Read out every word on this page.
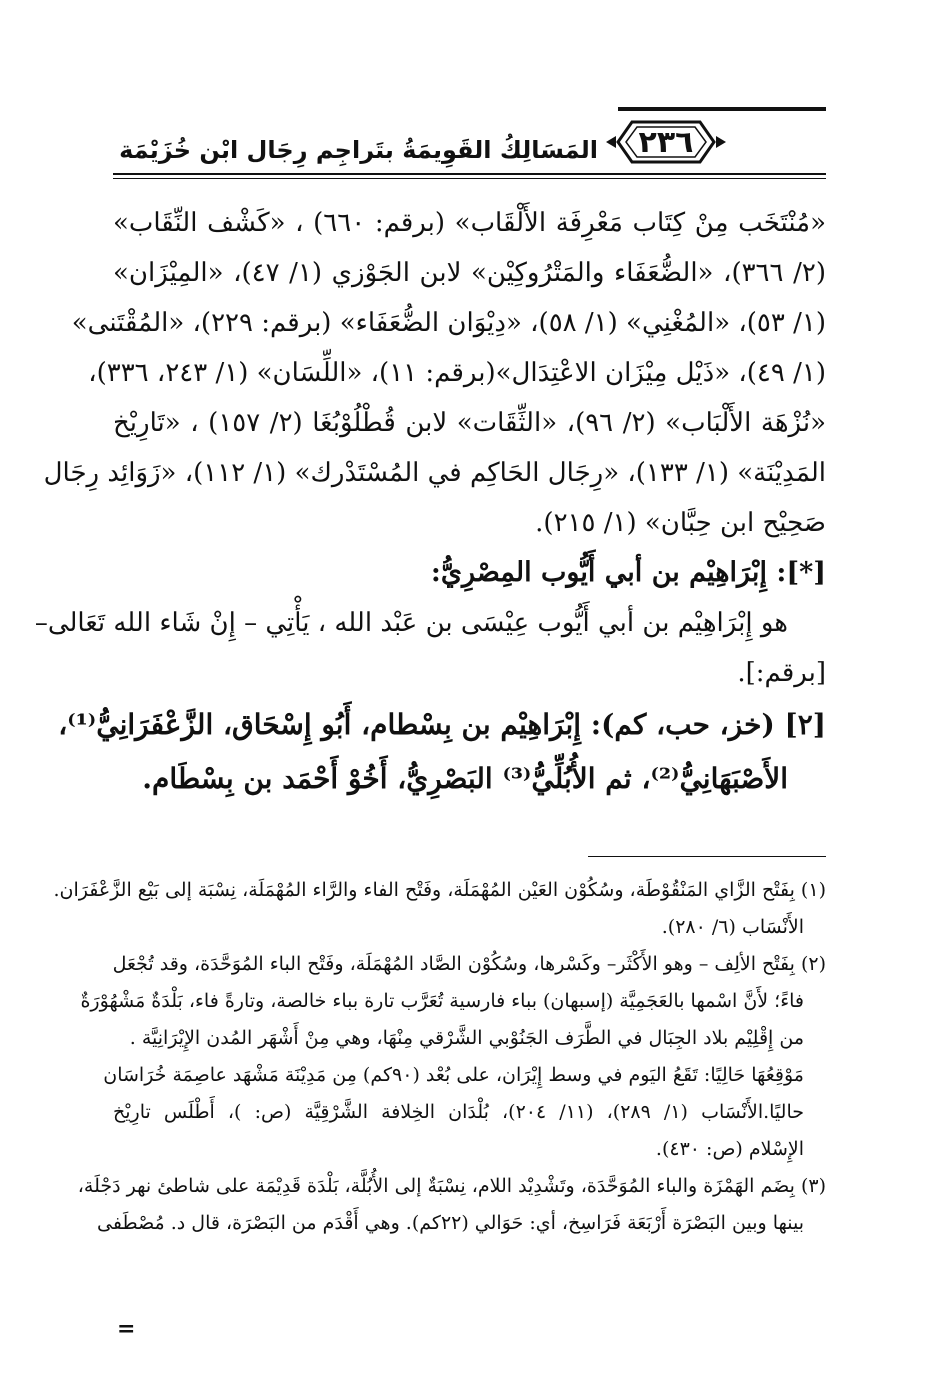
٢٣٦
المَسَالِكُ القَوِيمَةُ بتَراجِم رِجَال ابْن خُزَيْمَة
«مُنْتَخَب مِنْ كِتَاب مَعْرِفَة الأَلْقَاب» (برقم: ٦٦٠) ، «كَشْف النِّقَاب»
(٢/ ٣٦٦)، «الضُّعَفَاء والمَتْرُوكِيْن» لابن الجَوْزي (١/ ٤٧)، «المِيْزَان»
(١/ ٥٣)، «المُغْنِي» (١/ ٥٨)، «دِيْوَان الضُّعَفَاء» (برقم: ٢٢٩)، «المُقْتَنى»
(١/ ٤٩)، «ذَيْل مِيْزَان الاعْتِدَال»(برقم: ١١)، «اللِّسَان» (١/ ٢٤٣، ٣٣٦)،
«نُزْهَة الأَلْبَاب» (٢/ ٩٦)، «الثِّقَات» لابن قُطْلُوْبُغَا (٢/ ١٥٧) ، «تَارِيْخ
المَدِيْنَة» (١/ ١٣٣)، «رِجَال الحَاكِم في المُسْتَدْرك» (١/ ١١٢)، «زَوَائِد رِجَال
صَحِيْح ابن حِبَّان» (١/ ٢١٥).
[*]: إِبْرَاهِيْم بن أبي أَيُّوب المِصْرِيُّ:
هو إِبْرَاهِيْم بن أبي أَيُّوب عِيْسَى بن عَبْد الله ، يَأْتِي – إِنْ شَاء الله تَعَالى–
[برقم:].
[٢] (خز، حب، كم): إِبْرَاهِيْم بن بِسْطام، أَبُو إِسْحَاق، الزَّعْفَرَانِيُّ⁽¹⁾،
الأَصْبَهَانِيُّ⁽²⁾، ثم الأُبُلِّيُّ⁽³⁾ البَصْرِيُّ، أَخُوْ أَحْمَد بن بِسْطَام.
(١) بِفَتْح الزَّاي المَنْقُوْطَة، وسُكُوْن العَيْن المُهْمَلَة، وفَتْح الفاء والرَّاء المُهْمَلَة، نِسْبَة إلى بَيْع الزَّعْفَرَان.
الأَنْسَاب (٦/ ٢٨٠).
(٢) بِفَتْح الألِف – وهو الأَكْثَر– وكَسْرها، وسُكُوْن الصَّاد المُهْمَلَة، وفَتْح الباء المُوَحَّدَة، وقد تُجْعَل
فاءً؛ لأَنَّ اسْمها بالعَجَمِيَّة (إسبهان) بباء فارسية تُعَرَّب تارة بباء خالصة، وتارةً فاء، بَلْدَةٌ مَشْهُوْرَةٌ
من إِقْلِيْم بلاد الجِبَال في الطَّرَف الجَنُوْبي الشَّرْقي مِنْهَا، وهي مِنْ أَشْهَر المُدن الإِيْرَانِيَّة .
مَوْقِعُهَا حَالِيًا: تَقَعُ اليَوم في وسط إِيْرَان، على بُعْد (٩٠كم) مِن مَدِيْنَة مَشْهَد عاصِمَة خُرَاسَان
حاليًا.الأَنْسَاب (١/ ٢٨٩)، (١١/ ٢٠٤)، بُلْدَان الخِلافة الشَّرْقِيَّة (ص: )، أَطْلَس تارِيْخ
الإِسْلام (ص: ٤٣٠).
(٣) بِضَم الهَمْزَة والباء المُوَحَّدَة، وتَشْدِيْد اللام، نِسْبَةٌ إلى الأُبُلَّة، بَلْدَة قَدِيْمَة على شاطئ نهر دَجْلَة،
بينها وبين البَصْرَة أَرْبَعَة فَرَاسِخ، أي: حَوَالي (٢٢كم). وهي أَقْدَم من البَصْرَة، قال د. مُصْطَفى
=
